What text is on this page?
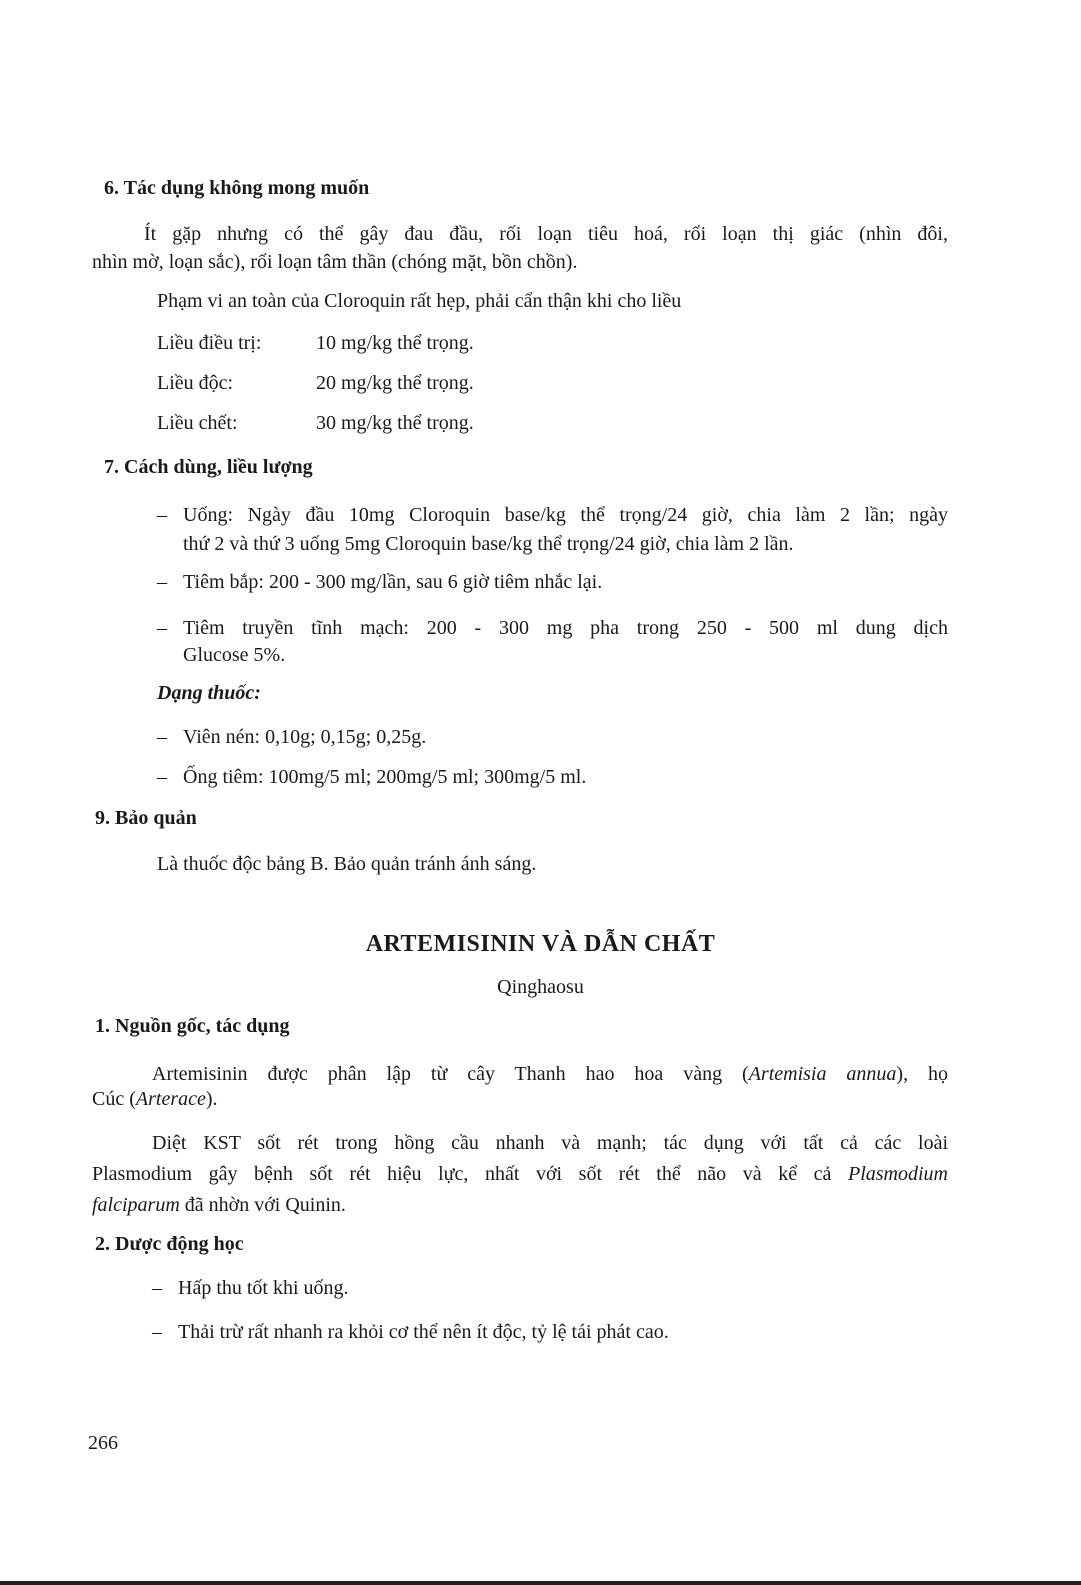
6. Tác dụng không mong muốn
Ít gặp nhưng có thể gây đau đầu, rối loạn tiêu hoá, rối loạn thị giác (nhìn đôi,
nhìn mờ, loạn sắc), rối loạn tâm thần (chóng mặt, bồn chồn).
Phạm vi an toàn của Cloroquin rất hẹp, phải cẩn thận khi cho liều
Liều điều trị:	10 mg/kg thể trọng.
Liều độc:	20 mg/kg thể trọng.
Liều chết:	30 mg/kg thể trọng.
7. Cách dùng, liều lượng
– Uống: Ngày đầu 10mg Cloroquin base/kg thể trọng/24 giờ, chia làm 2 lần; ngày
thứ 2 và thứ 3 uống 5mg Cloroquin base/kg thể trọng/24 giờ, chia làm 2 lần.
– Tiêm bắp: 200 - 300 mg/lần, sau 6 giờ tiêm nhắc lại.
– Tiêm truyền tĩnh mạch: 200 - 300 mg pha trong 250 - 500 ml dung dịch
Glucose 5%.
Dạng thuốc:
– Viên nén: 0,10g; 0,15g; 0,25g.
– Ống tiêm: 100mg/5 ml; 200mg/5 ml; 300mg/5 ml.
9. Bảo quản
Là thuốc độc bảng B. Bảo quản tránh ánh sáng.
ARTEMISININ VÀ DẪN CHẤT
Qinghaosu
1. Nguồn gốc, tác dụng
Artemisinin được phân lập từ cây Thanh hao hoa vàng (Artemisia annua), họ
Cúc (Arterace).
Diệt KST sốt rét trong hồng cầu nhanh và mạnh; tác dụng với tất cả các loài
Plasmodium gây bệnh sốt rét hiệu lực, nhất với sốt rét thể não và kể cả Plasmodium
falciparum đã nhờn với Quinin.
2. Dược động học
– Hấp thu tốt khi uống.
– Thải trừ rất nhanh ra khỏi cơ thể nên ít độc, tỷ lệ tái phát cao.
266
